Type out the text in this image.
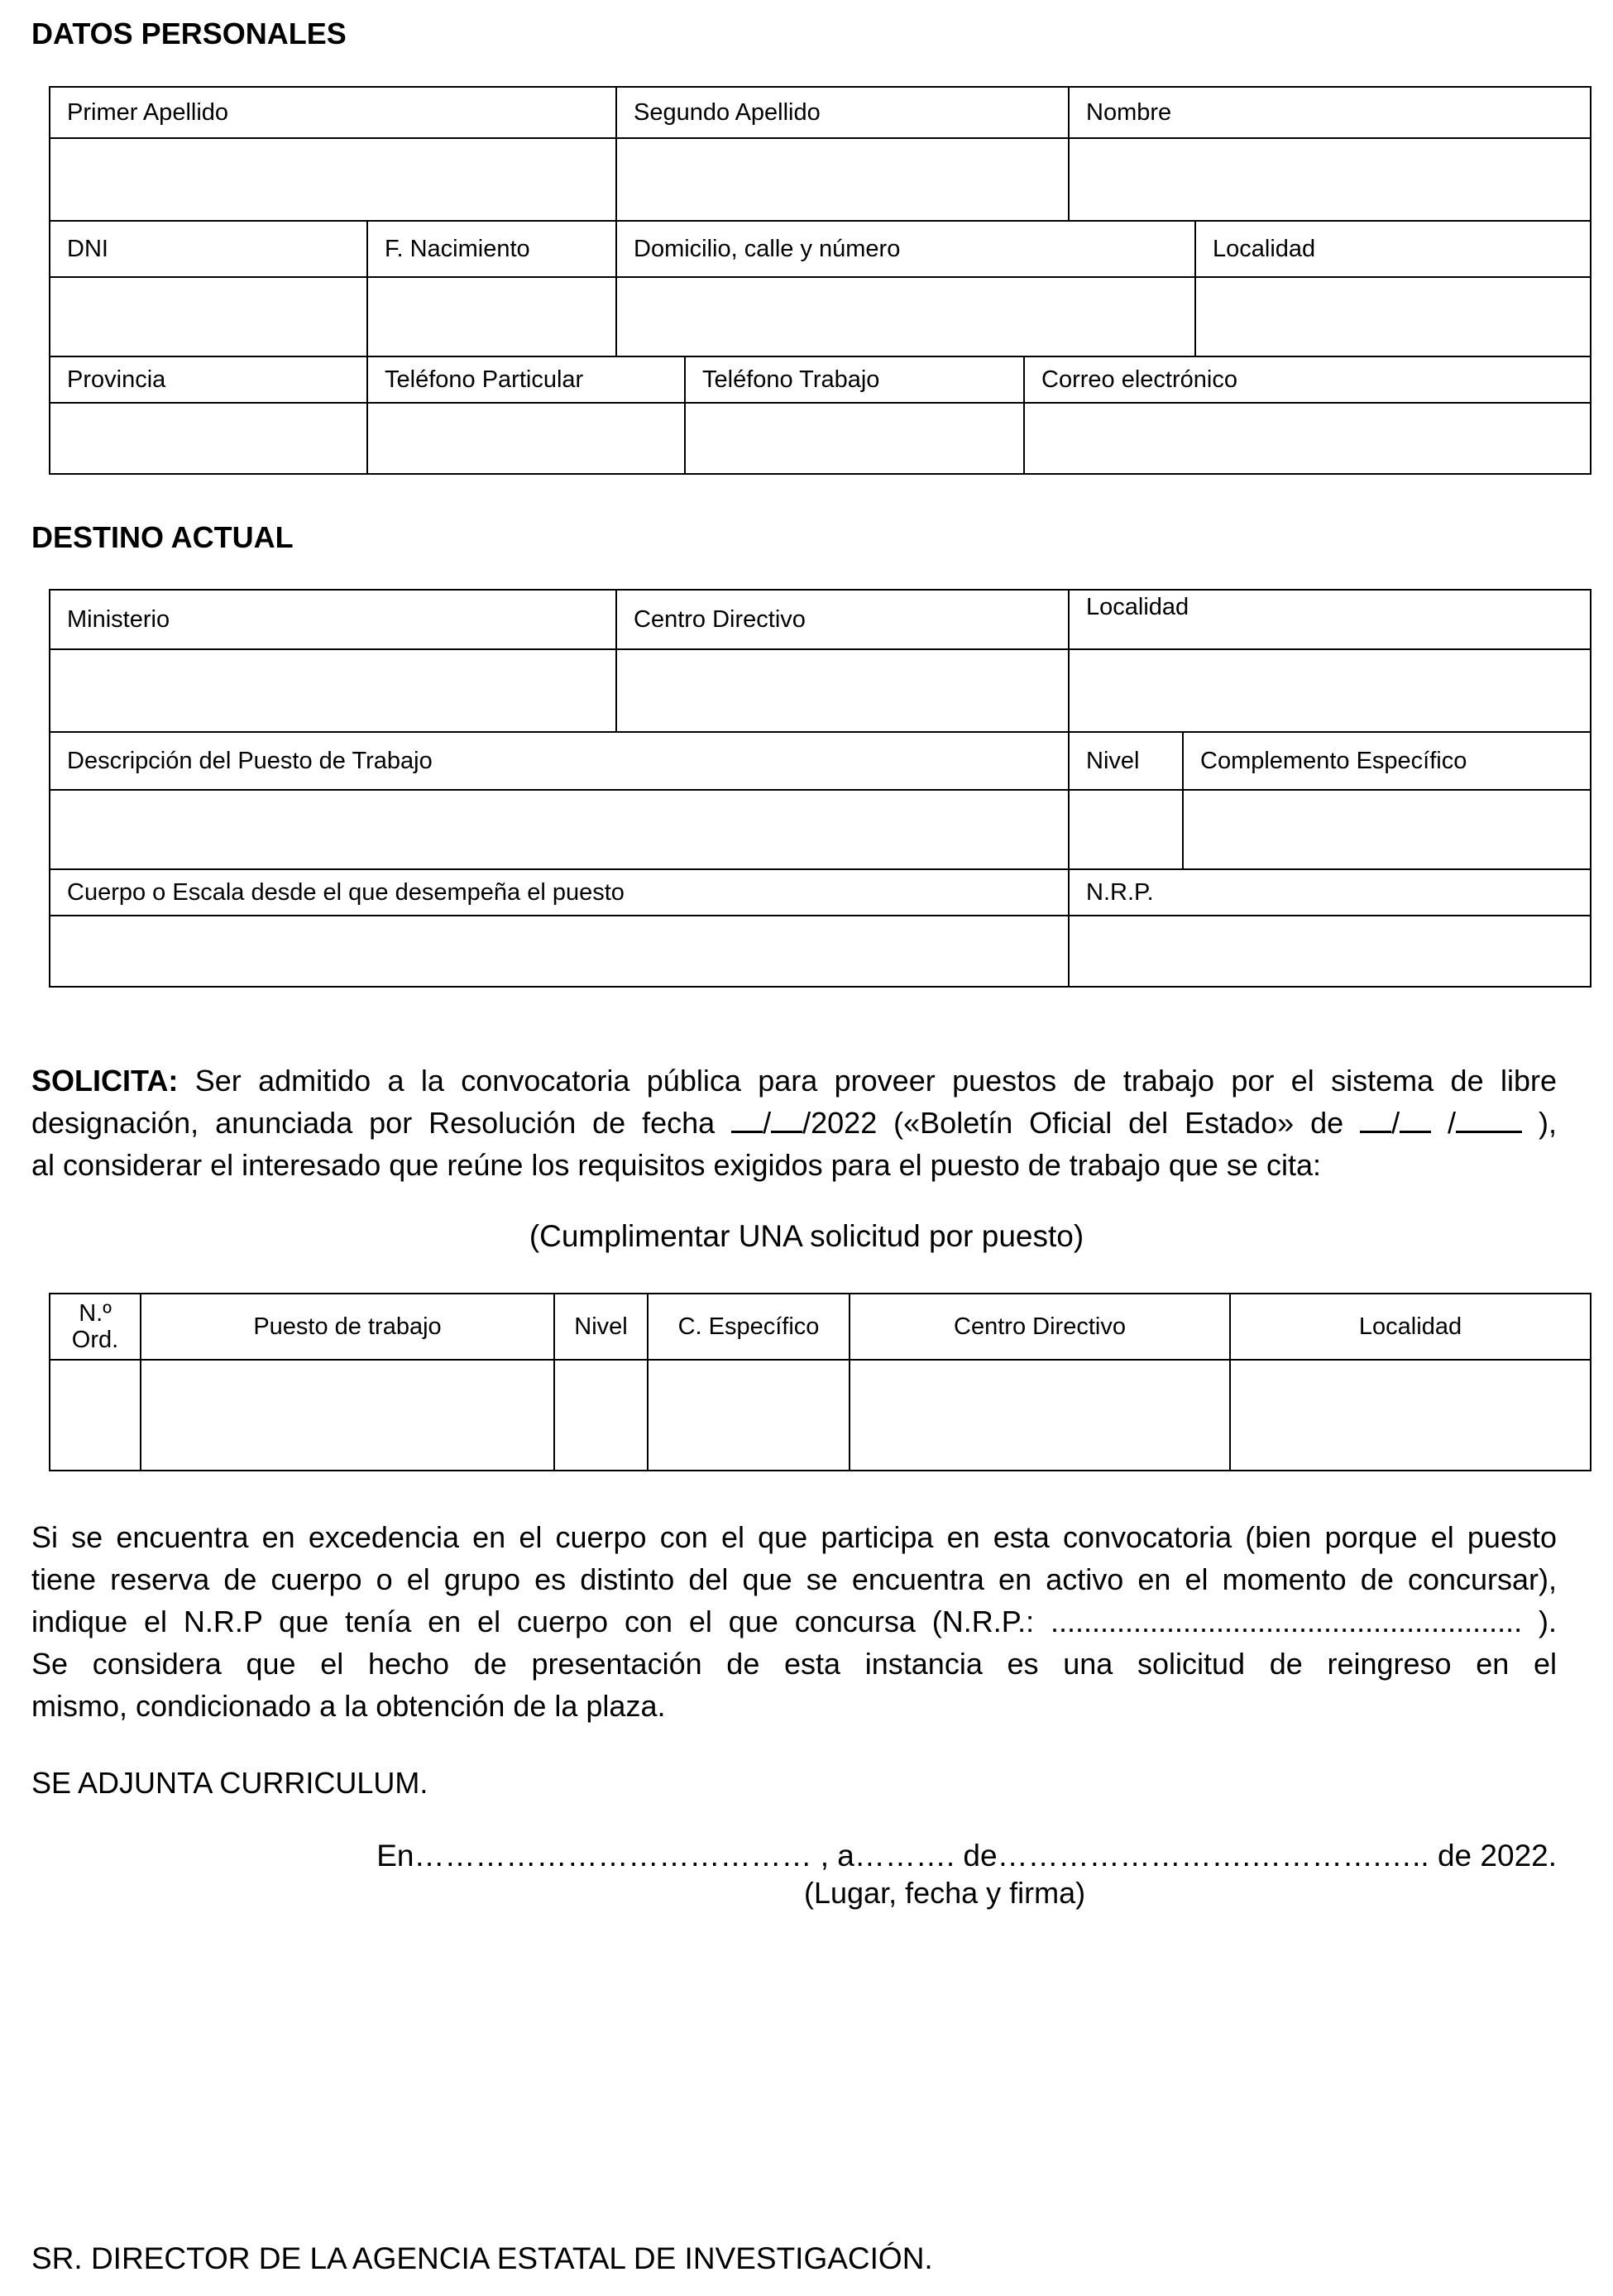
DATOS PERSONALES
Primer Apellido		Segundo Apellido	Nombre	

DNI	F. Nacimiento	Domicilio, calle y número		Localidad

Provincia	Teléfono Particular	Teléfono Trabajo	Correo electrónico

DESTINO ACTUAL
Ministerio	Centro Directivo	Localidad	

Descripción del Puesto de Trabajo		Nivel	Complemento Específico

Cuerpo o Escala desde el que desempeña el puesto		N.R.P.	

SOLICITA: Ser admitido a la convocatoria pública para proveer puestos de trabajo por el sistema de libre
designación, anunciada por Resolución de fecha / /2022 («Boletín Oficial del Estado» de / /	),
al considerar el interesado que reúne los requisitos exigidos para el puesto de trabajo que se cita:
(Cumplimentar UNA solicitud por puesto)
N.º Ord.	Puesto de trabajo	Nivel	C. Específico	Centro Directivo	Localidad

Si se encuentra en excedencia en el cuerpo con el que participa en esta convocatoria (bien porque el puesto
tiene reserva de cuerpo o el grupo es distinto del que se encuentra en activo en el momento de concursar),
indique el N.R.P que tenía en el cuerpo con el que concursa (N.R.P.: ......................................................... ).
Se considera que el hecho de presentación de esta instancia es una solicitud de reingreso en el
mismo, condicionado a la obtención de la plaza.
SE ADJUNTA CURRICULUM.
En………………………………… , a………. de…………………….………….….. de 2022.
(Lugar, fecha y firma)
SR. DIRECTOR DE LA AGENCIA ESTATAL DE INVESTIGACIÓN.
